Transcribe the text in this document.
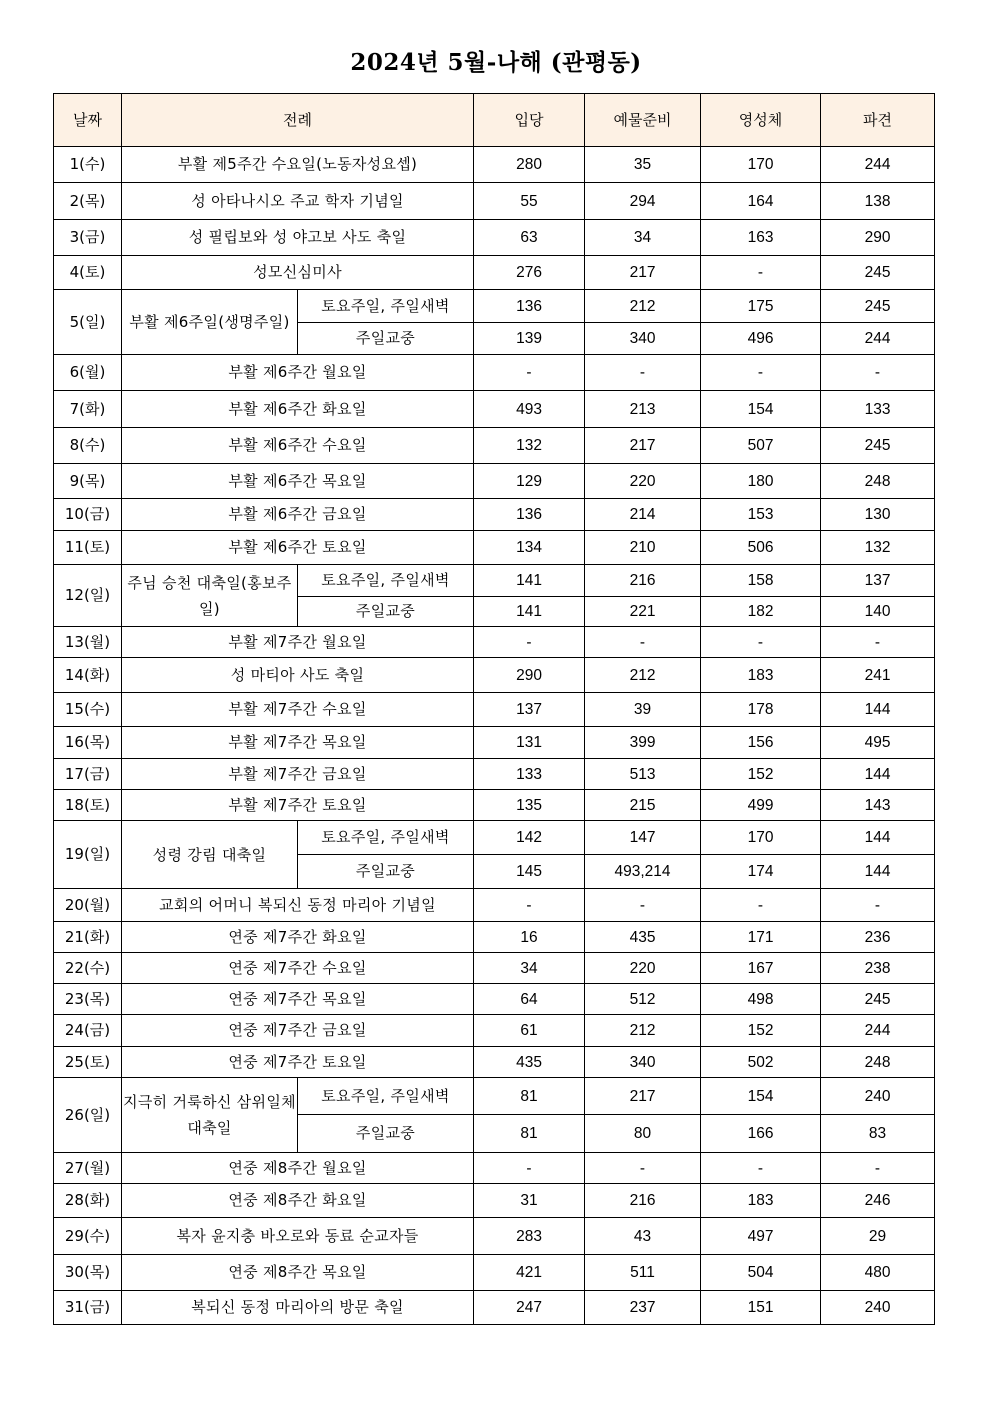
2024년 5월-나해 (관평동)
날짜	전례		입당	예물준비	영성체	파견
1(수)	부활 제5주간 수요일(노동자성요셉)		280	35	170	244
2(목)	성 아타나시오 주교 학자 기념일		55	294	164	138
3(금)	성 필립보와 성 야고보 사도 축일		63	34	163	290
4(토)	성모신심미사		276	217	-	245
5(일)	부활 제6주일(생명주일)	토요주일, 주일새벽	136	212	175	245
		주일교중	139	340	496	244
6(월)	부활 제6주간 월요일		-	-	-	-
7(화)	부활 제6주간 화요일		493	213	154	133
8(수)	부활 제6주간 수요일		132	217	507	245
9(목)	부활 제6주간 목요일		129	220	180	248
10(금)	부활 제6주간 금요일		136	214	153	130
11(토)	부활 제6주간 토요일		134	210	506	132
12(일)	주님 승천 대축일(홍보주일)	토요주일, 주일새벽	141	216	158	137
		주일교중	141	221	182	140
13(월)	부활 제7주간 월요일		-	-	-	-
14(화)	성 마티아 사도 축일		290	212	183	241
15(수)	부활 제7주간 수요일		137	39	178	144
16(목)	부활 제7주간 목요일		131	399	156	495
17(금)	부활 제7주간 금요일		133	513	152	144
18(토)	부활 제7주간 토요일		135	215	499	143
19(일)	성령 강림 대축일	토요주일, 주일새벽	142	147	170	144
		주일교중	145	493,214	174	144
20(월)	교회의 어머니 복되신 동정 마리아 기념일		-	-	-	-
21(화)	연중 제7주간 화요일		16	435	171	236
22(수)	연중 제7주간 수요일		34	220	167	238
23(목)	연중 제7주간 목요일		64	512	498	245
24(금)	연중 제7주간 금요일		61	212	152	244
25(토)	연중 제7주간 토요일		435	340	502	248
26(일)	지극히 거룩하신 삼위일체 대축일	토요주일, 주일새벽	81	217	154	240
		주일교중	81	80	166	83
27(월)	연중 제8주간 월요일		-	-	-	-
28(화)	연중 제8주간 화요일		31	216	183	246
29(수)	복자 윤지충 바오로와 동료 순교자들		283	43	497	29
30(목)	연중 제8주간 목요일		421	511	504	480
31(금)	복되신 동정 마리아의 방문 축일		247	237	151	240
